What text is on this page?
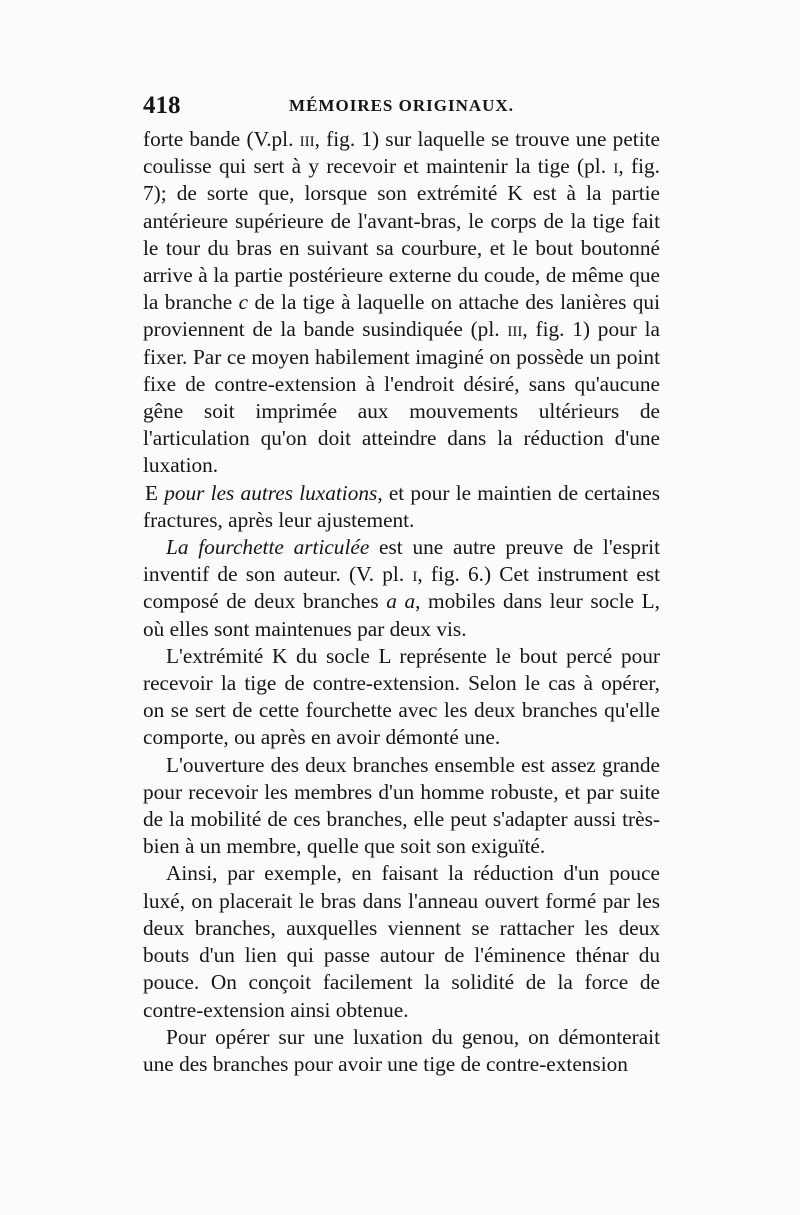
418	MÉMOIRES ORIGINAUX.

forte bande (V.pl. iii, fig. 1) sur laquelle se trouve une petite coulisse qui sert à y recevoir et maintenir la tige (pl. i, fig. 7); de sorte que, lorsque son extrémité K est à la partie antérieure supérieure de l'avant-bras, le corps de la tige fait le tour du bras en suivant sa courbure, et le bout boutonné arrive à la partie postérieure externe du coude, de même que la branche c de la tige à laquelle on attache des lanières qui proviennent de la bande susindiquée (pl. iii, fig. 1) pour la fixer. Par ce moyen habilement imaginé on possède un point fixe de contre-extension à l'endroit désiré, sans qu'aucune gêne soit imprimée aux mouvements ultérieurs de l'articulation qu'on doit atteindre dans la réduction d'une luxation.

E pour les autres luxations, et pour le maintien de certaines fractures, après leur ajustement.

La fourchette articulée est une autre preuve de l'esprit inventif de son auteur. (V. pl. i, fig. 6.) Cet instrument est composé de deux branches a a, mobiles dans leur socle L, où elles sont maintenues par deux vis.

L'extrémité K du socle L représente le bout percé pour recevoir la tige de contre-extension. Selon le cas à opérer, on se sert de cette fourchette avec les deux branches qu'elle comporte, ou après en avoir démonté une.

L'ouverture des deux branches ensemble est assez grande pour recevoir les membres d'un homme robuste, et par suite de la mobilité de ces branches, elle peut s'adapter aussi très-bien à un membre, quelle que soit son exiguïté.

Ainsi, par exemple, en faisant la réduction d'un pouce luxé, on placerait le bras dans l'anneau ouvert formé par les deux branches, auxquelles viennent se rattacher les deux bouts d'un lien qui passe autour de l'éminence thénar du pouce. On conçoit facilement la solidité de la force de contre-extension ainsi obtenue.

Pour opérer sur une luxation du genou, on démonterait une des branches pour avoir une tige de contre-extension
